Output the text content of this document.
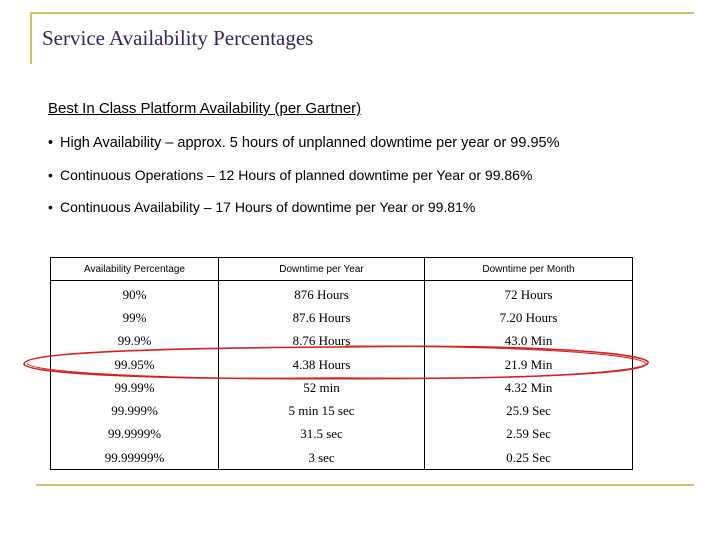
Service Availability Percentages
Best In Class Platform Availability (per Gartner)
• High Availability – approx. 5 hours of unplanned downtime per year or 99.95%
• Continuous Operations – 12 Hours of planned downtime per Year or 99.86%
• Continuous Availability – 17 Hours of downtime per Year or 99.81%
Availability Percentage	Downtime per Year	Downtime per Month
90%	876 Hours	72 Hours
99%	87.6 Hours	7.20 Hours
99.9%	8.76 Hours	43.0 Min
99.95%	4.38 Hours	21.9 Min
99.99%	52 min	4.32 Min
99.999%	5 min 15 sec	25.9 Sec
99.9999%	31.5 sec	2.59 Sec
99.99999%	3 sec	0.25 Sec
